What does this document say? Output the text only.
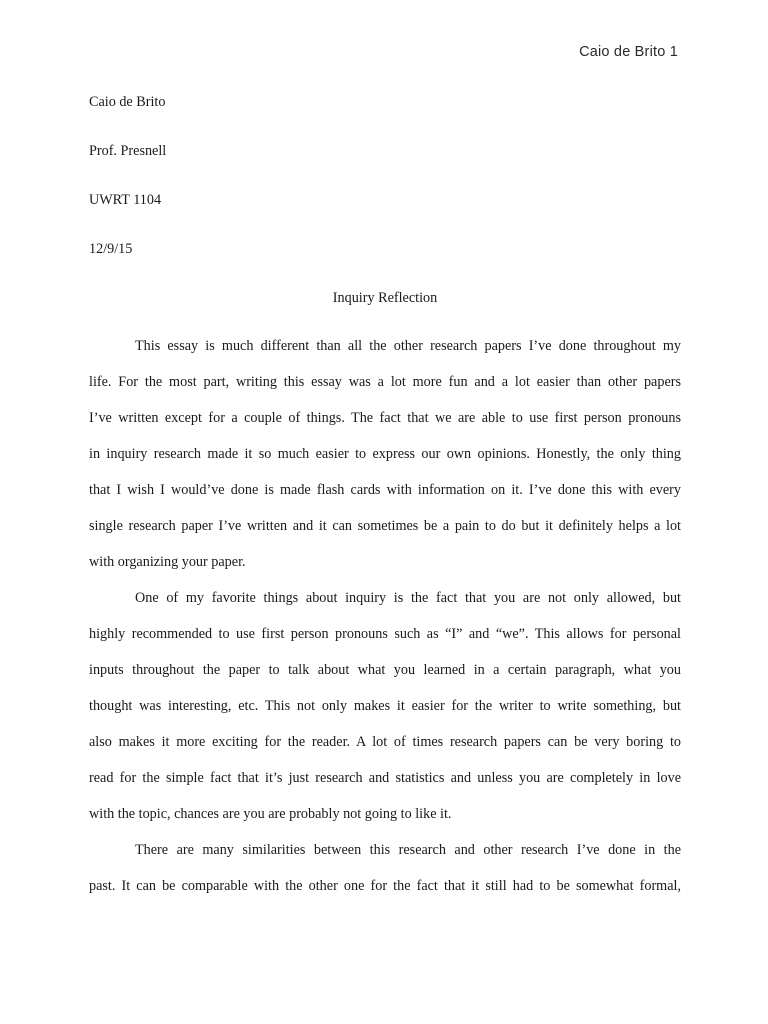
Caio de Brito 1

Caio de Brito

Prof. Presnell

UWRT 1104

12/9/15

Inquiry Reflection

This essay is much different than all the other research papers I’ve done throughout my
life. For the most part, writing this essay was a lot more fun and a lot easier than other papers
I’ve written except for a couple of things. The fact that we are able to use first person pronouns
in inquiry research made it so much easier to express our own opinions. Honestly, the only thing
that I wish I would’ve done is made flash cards with information on it. I’ve done this with every
single research paper I’ve written and it can sometimes be a pain to do but it definitely helps a lot
with organizing your paper.
One of my favorite things about inquiry is the fact that you are not only allowed, but
highly recommended to use first person pronouns such as “I” and “we”. This allows for personal
inputs throughout the paper to talk about what you learned in a certain paragraph, what you
thought was interesting, etc. This not only makes it easier for the writer to write something, but
also makes it more exciting for the reader. A lot of times research papers can be very boring to
read for the simple fact that it’s just research and statistics and unless you are completely in love
with the topic, chances are you are probably not going to like it.
There are many similarities between this research and other research I’ve done in the
past. It can be comparable with the other one for the fact that it still had to be somewhat formal,
